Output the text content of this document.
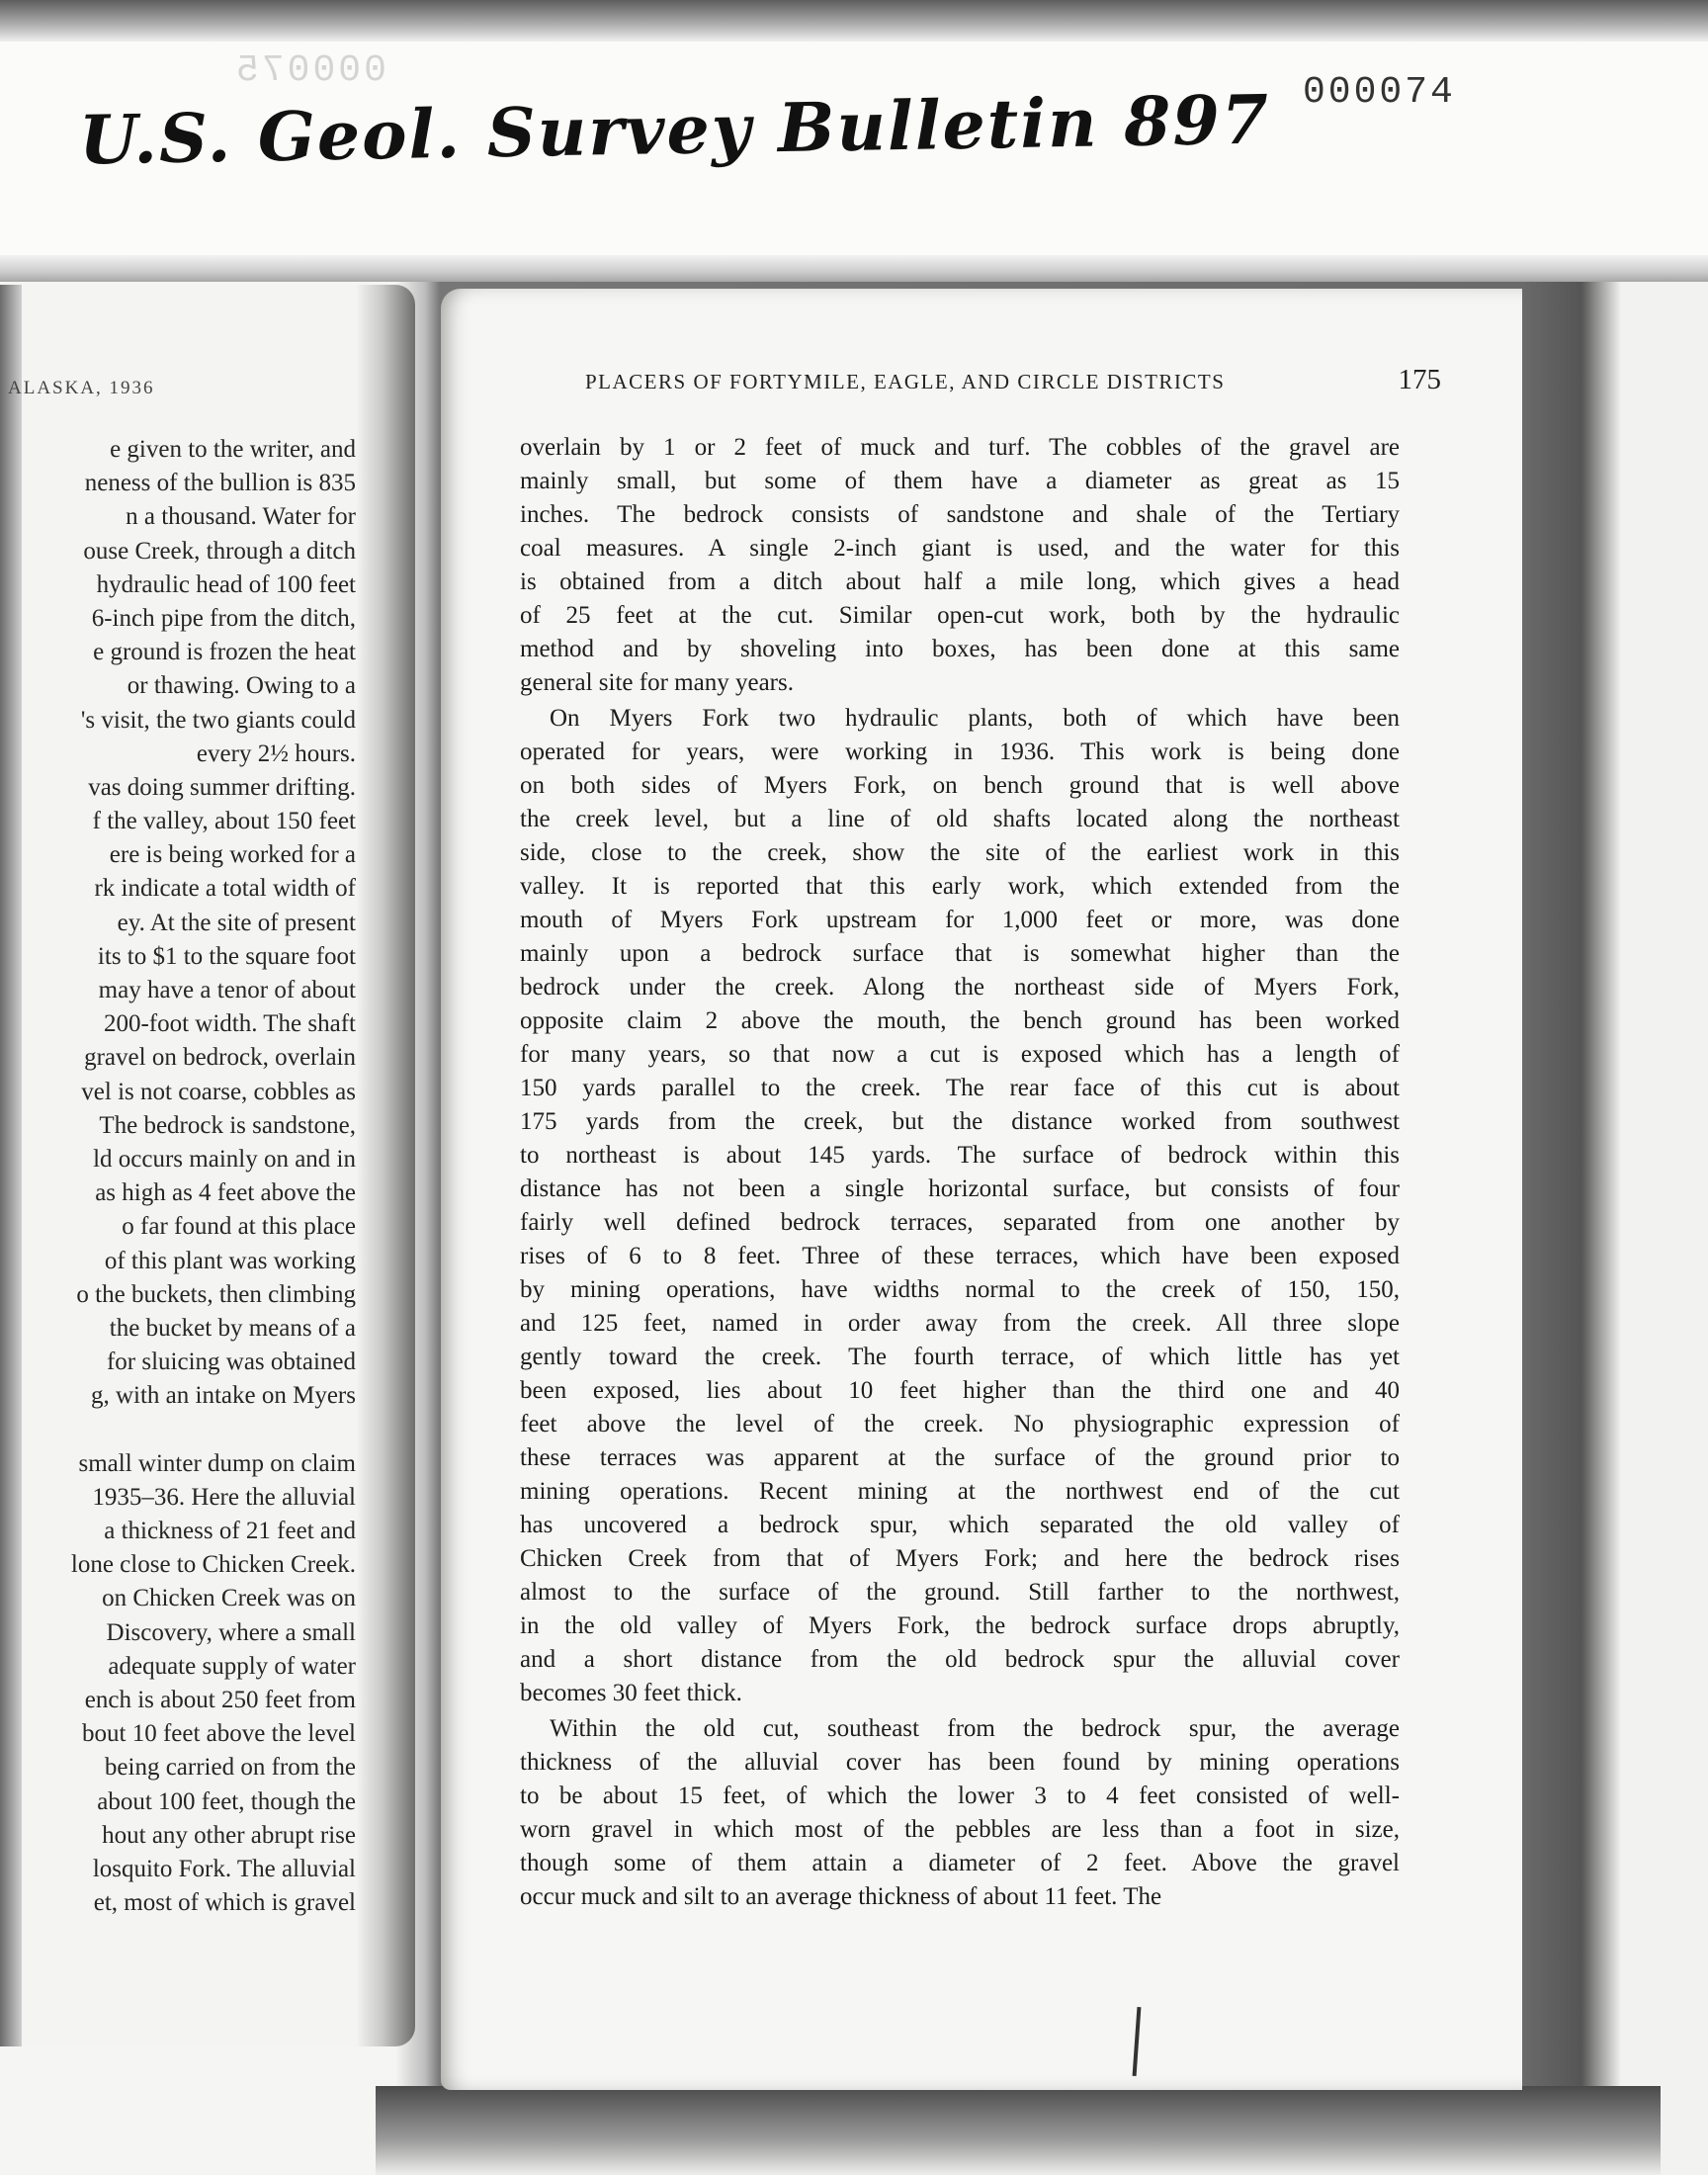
000075
U.S. Geol. Survey Bulletin 897 000074
ALASKA, 1936
e given to the writer, and
neness of the bullion is 835
n a thousand. Water for
ouse Creek, through a ditch
hydraulic head of 100 feet
6-inch pipe from the ditch,
e ground is frozen the heat
or thawing. Owing to a
's visit, the two giants could
every 2½ hours.
vas doing summer drifting.
f the valley, about 150 feet
ere is being worked for a
rk indicate a total width of
ey. At the site of present
its to $1 to the square foot
may have a tenor of about
200-foot width. The shaft
gravel on bedrock, overlain
vel is not coarse, cobbles as
The bedrock is sandstone,
ld occurs mainly on and in
as high as 4 feet above the
o far found at this place
of this plant was working
o the buckets, then climbing
the bucket by means of a
for sluicing was obtained
g, with an intake on Myers
small winter dump on claim
1935–36. Here the alluvial
a thickness of 21 feet and
lone close to Chicken Creek.
on Chicken Creek was on
Discovery, where a small
adequate supply of water
ench is about 250 feet from
bout 10 feet above the level
being carried on from the
about 100 feet, though the
hout any other abrupt rise
losquito Fork. The alluvial
et, most of which is gravel
PLACERS OF FORTYMILE, EAGLE, AND CIRCLE DISTRICTS	175
overlain by 1 or 2 feet of muck and turf. The cobbles of the gravel are
mainly small, but some of them have a diameter as great as 15
inches. The bedrock consists of sandstone and shale of the Tertiary
coal measures. A single 2-inch giant is used, and the water for this
is obtained from a ditch about half a mile long, which gives a head
of 25 feet at the cut. Similar open-cut work, both by the hydraulic
method and by shoveling into boxes, has been done at this same
general site for many years.
On Myers Fork two hydraulic plants, both of which have been
operated for years, were working in 1936. This work is being done
on both sides of Myers Fork, on bench ground that is well above
the creek level, but a line of old shafts located along the northeast
side, close to the creek, show the site of the earliest work in this
valley. It is reported that this early work, which extended from the
mouth of Myers Fork upstream for 1,000 feet or more, was done
mainly upon a bedrock surface that is somewhat higher than the
bedrock under the creek. Along the northeast side of Myers Fork,
opposite claim 2 above the mouth, the bench ground has been worked
for many years, so that now a cut is exposed which has a length of
150 yards parallel to the creek. The rear face of this cut is about
175 yards from the creek, but the distance worked from southwest
to northeast is about 145 yards. The surface of bedrock within this
distance has not been a single horizontal surface, but consists of four
fairly well defined bedrock terraces, separated from one another by
rises of 6 to 8 feet. Three of these terraces, which have been exposed
by mining operations, have widths normal to the creek of 150, 150,
and 125 feet, named in order away from the creek. All three slope
gently toward the creek. The fourth terrace, of which little has yet
been exposed, lies about 10 feet higher than the third one and 40
feet above the level of the creek. No physiographic expression of
these terraces was apparent at the surface of the ground prior to
mining operations. Recent mining at the northwest end of the cut
has uncovered a bedrock spur, which separated the old valley of
Chicken Creek from that of Myers Fork; and here the bedrock rises
almost to the surface of the ground. Still farther to the northwest,
in the old valley of Myers Fork, the bedrock surface drops abruptly,
and a short distance from the old bedrock spur the alluvial cover
becomes 30 feet thick.
Within the old cut, southeast from the bedrock spur, the average
thickness of the alluvial cover has been found by mining operations
to be about 15 feet, of which the lower 3 to 4 feet consisted of well-
worn gravel in which most of the pebbles are less than a foot in size,
though some of them attain a diameter of 2 feet. Above the gravel
occur muck and silt to an average thickness of about 11 feet. The
